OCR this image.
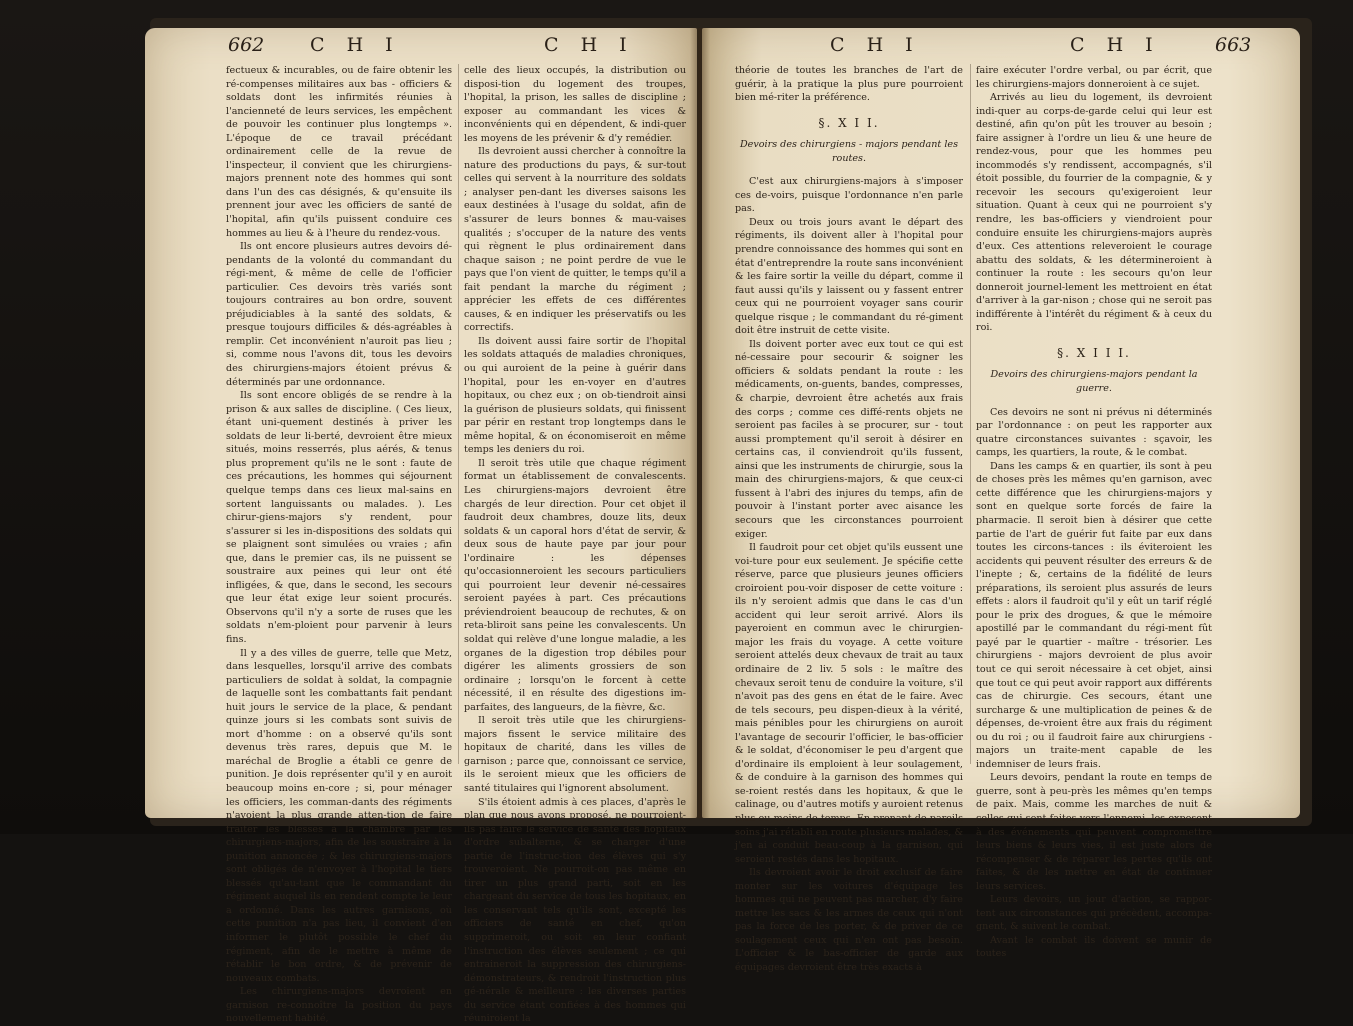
662 C H I	C H I	C H I	C H I	663

fectueux & incurables, ou de faire obtenir les ré-compenses militaires aux bas - officiers & soldats dont les infirmités réunies à l'ancienneté de leurs services, les empêchent de pouvoir les continuer plus longtemps ». L'époque de ce travail précédant ordinairement celle de la revue de l'inspecteur, il convient que les chirurgiens-majors prennent note des hommes qui sont dans l'un des cas désignés, & qu'ensuite ils prennent jour avec les officiers de santé de l'hopital, afin qu'ils puissent conduire ces hommes au lieu & à l'heure du rendez-vous.

Ils ont encore plusieurs autres devoirs dé-pendants de la volonté du commandant du régi-ment, & même de celle de l'officier particulier. Ces devoirs très variés sont toujours contraires au bon ordre, souvent préjudiciables à la santé des soldats, & presque toujours difficiles & dés-agréables à remplir. Cet inconvénient n'auroit pas lieu ; si, comme nous l'avons dit, tous les devoirs des chirurgiens-majors étoient prévus & déterminés par une ordonnance.

Ils sont encore obligés de se rendre à la prison & aux salles de discipline. ( Ces lieux, étant uni-quement destinés à priver les soldats de leur li-berté, devroient être mieux situés, moins resserrés, plus aérés, & tenus plus proprement qu'ils ne le sont : faute de ces précautions, les hommes qui séjournent quelque temps dans ces lieux mal-sains en sortent languissants ou malades. ). Les chirur-giens-majors s'y rendent, pour s'assurer si les in-dispositions des soldats qui se plaignent sont simulées ou vraies ; afin que, dans le premier cas, ils ne puissent se soustraire aux peines qui leur ont été infligées, & que, dans le second, les secours que leur état exige leur soient procurés. Observons qu'il n'y a sorte de ruses que les soldats n'em-ploient pour parvenir à leurs fins.

Il y a des villes de guerre, telle que Metz, dans lesquelles, lorsqu'il arrive des combats particuliers de soldat à soldat, la compagnie de laquelle sont les combattants fait pendant huit jours le service de la place, & pendant quinze jours si les combats sont suivis de mort d'homme : on a observé qu'ils sont devenus très rares, depuis que M. le maréchal de Broglie a établi ce genre de punition. Je dois représenter qu'il y en auroit beaucoup moins en-core ; si, pour ménager les officiers, les comman-dants des régiments n'avoient la plus grande atten-tion de faire traiter les blessés à la chambre par les chirurgiens-majors, afin de les soustraire à la punition annoncée ; & les chirurgiens-majors sont obligés de n'envoyer à l'hopital le tiers blessés qu'au-tant que le commandant du régiment auquel ils en rendent compte le leur a ordonné. Dans les autres garnisons, où cette punition n'a pas lieu, il convient d'en informer le plutôt possible le chef du régiment, afin de le mettre à même de rétablir le bon ordre, & de prévenir de nouveaux combats.

Les chirurgiens-majors devroient en garnison re-connoître la position du pays nouvellement habité,

celle des lieux occupés, la distribution ou disposi-tion du logement des troupes, l'hopital, la prison, les salles de discipline ; exposer au commandant les vices & inconvénients qui en dépendent, & indi-quer les moyens de les prévenir & d'y remédier.

Ils devroient aussi chercher à connoître la nature des productions du pays, & sur-tout celles qui servent à la nourriture des soldats ; analyser pen-dant les diverses saisons les eaux destinées à l'usage du soldat, afin de s'assurer de leurs bonnes & mau-vaises qualités ; s'occuper de la nature des vents qui règnent le plus ordinairement dans chaque saison ; ne point perdre de vue le pays que l'on vient de quitter, le temps qu'il a fait pendant la marche du régiment ; apprécier les effets de ces différentes causes, & en indiquer les préservatifs ou les correctifs.

Ils doivent aussi faire sortir de l'hopital les soldats attaqués de maladies chroniques, ou qui auroient de la peine à guérir dans l'hopital, pour les en-voyer en d'autres hopitaux, ou chez eux ; on ob-tiendroit ainsi la guérison de plusieurs soldats, qui finissent par périr en restant trop longtemps dans le même hopital, & on économiseroit en même temps les deniers du roi.

Il seroit très utile que chaque régiment format un établissement de convalescents. Les chirurgiens-majors devroient être chargés de leur direction. Pour cet objet il faudroit deux chambres, douze lits, deux soldats & un caporal hors d'état de servir, & deux sous de haute paye par jour pour l'ordinaire : les dépenses qu'occasionneroient les secours particuliers qui pourroient leur devenir né-cessaires seroient payées à part. Ces précautions préviendroient beaucoup de rechutes, & on reta-bliroit sans peine les convalescents. Un soldat qui relève d'une longue maladie, a les organes de la digestion trop débiles pour digérer les aliments grossiers de son ordinaire ; lorsqu'on le forcent à cette nécessité, il en résulte des digestions im-parfaites, des langueurs, de la fièvre, &c.

Il seroit très utile que les chirurgiens-majors fissent le service militaire des hopitaux de charité, dans les villes de garnison ; parce que, connoissant ce service, ils le seroient mieux que les officiers de santé titulaires qui l'ignorent absolument.

S'ils étoient admis à ces places, d'après le plan que nous avons proposé, ne pourroient-ils pas faire le service de santé des hopitaux d'ordre subalterne, & se charger d'une partie de l'instruc-tion des élèves qui s'y trouveroient. Ne pourroit-on pas même en tirer un plus grand parti, soit en les chargeant du service de tous les hopitaux, en les conservant tels qu'ils sont, excepté les officiers de santé en chef, qu'on supprimeroit, ou soit en leur confiant l'instruction des élèves seulement ; ce qui entraineroit la suppression des chirurgiens-démonstrateurs, & rendroit l'instruction plus gé-nérale & meilleure : les diverses parties du service étant confiées à des hommes qui réuniroient la

théorie de toutes les branches de l'art de guérir, à la pratique la plus pure pourroient bien mé-riter la préférence.

§. X I I.

Devoirs des chirurgiens - majors pendant les routes.

C'est aux chirurgiens-majors à s'imposer ces de-voirs, puisque l'ordonnance n'en parle pas.

Deux ou trois jours avant le départ des régiments, ils doivent aller à l'hopital pour prendre connoissance des hommes qui sont en état d'entreprendre la route sans inconvénient & les faire sortir la veille du départ, comme il faut aussi qu'ils y laissent ou y fassent entrer ceux qui ne pourroient voyager sans courir quelque risque ; le commandant du ré-giment doit être instruit de cette visite.

Ils doivent porter avec eux tout ce qui est né-cessaire pour secourir & soigner les officiers & soldats pendant la route : les médicaments, on-guents, bandes, compresses, & charpie, devroient être achetés aux frais des corps ; comme ces diffé-rents objets ne seroient pas faciles à se procurer, sur - tout aussi promptement qu'il seroit à désirer en certains cas, il conviendroit qu'ils fussent, ainsi que les instruments de chirurgie, sous la main des chirurgiens-majors, & que ceux-ci fussent à l'abri des injures du temps, afin de pouvoir à l'instant porter avec aisance les secours que les circonstances pourroient exiger.

Il faudroit pour cet objet qu'ils eussent une voi-ture pour eux seulement. Je spécifie cette réserve, parce que plusieurs jeunes officiers croiroient pou-voir disposer de cette voiture : ils n'y seroient admis que dans le cas d'un accident qui leur seroit arrivé. Alors ils payeroient en commun avec le chirurgien-major les frais du voyage. A cette voiture seroient attelés deux chevaux de trait au taux ordinaire de 2 liv. 5 sols : le maître des chevaux seroit tenu de conduire la voiture, s'il n'avoit pas des gens en état de le faire. Avec de tels secours, peu dispen-dieux à la vérité, mais pénibles pour les chirurgiens on auroit l'avantage de secourir l'officier, le bas-officier & le soldat, d'économiser le peu d'argent que d'ordinaire ils emploient à leur soulagement, & de conduire à la garnison des hommes qui se-roient restés dans les hopitaux, & que le calinage, ou d'autres motifs y auroient retenus plus ou moins de temps. En prenant de pareils soins j'ai rétabli en route plusieurs malades, & j'en ai conduit beau-coup à la garnison, qui seroient restés dans les hopitaux.

Ils devroient avoir le droit exclusif de faire monter sur les voitures d'équipage les hommes qui ne peuvent pas marcher, d'y faire mettre les sacs & les armes de ceux qui n'ont pas la force de les porter, & de priver de ce soulagement ceux qui n'en ont pas besoin. L'officier & le bas-officier de garde aux équipages devroient être très exacts à

faire exécuter l'ordre verbal, ou par écrit, que les chirurgiens-majors donneroient à ce sujet.

Arrivés au lieu du logement, ils devroient indi-quer au corps-de-garde celui qui leur est destiné, afin qu'on pût les trouver au besoin ; faire assigner à l'ordre un lieu & une heure de rendez-vous, pour que les hommes peu incommodés s'y rendissent, accompagnés, s'il étoit possible, du fourrier de la compagnie, & y recevoir les secours qu'exigeroient leur situation. Quant à ceux qui ne pourroient s'y rendre, les bas-officiers y viendroient pour conduire ensuite les chirurgiens-majors auprès d'eux. Ces attentions releveroient le courage abattu des soldats, & les détermineroient à continuer la route : les secours qu'on leur donneroit journel-lement les mettroient en état d'arriver à la gar-nison ; chose qui ne seroit pas indifférente à l'intérêt du régiment & à ceux du roi.

§. X I I I.

Devoirs des chirurgiens-majors pendant la guerre.

Ces devoirs ne sont ni prévus ni déterminés par l'ordonnance : on peut les rapporter aux quatre circonstances suivantes : sçavoir, les camps, les quartiers, la route, & le combat.

Dans les camps & en quartier, ils sont à peu de choses près les mêmes qu'en garnison, avec cette différence que les chirurgiens-majors y sont en quelque sorte forcés de faire la pharmacie. Il seroit bien à désirer que cette partie de l'art de guérir fut faite par eux dans toutes les circons-tances : ils éviteroient les accidents qui peuvent résulter des erreurs & de l'inepte ; &, certains de la fidélité de leurs préparations, ils seroient plus assurés de leurs effets : alors il faudroit qu'il y eût un tarif réglé pour le prix des drogues, & que le mémoire apostillé par le commandant du régi-ment fût payé par le quartier - maître - trésorier. Les chirurgiens - majors devroient de plus avoir tout ce qui seroit nécessaire à cet objet, ainsi que tout ce qui peut avoir rapport aux différents cas de chirurgie. Ces secours, étant une surcharge & une multiplication de peines & de dépenses, de-vroient être aux frais du régiment ou du roi ; ou il faudroit faire aux chirurgiens - majors un traite-ment capable de les indemniser de leurs frais.

Leurs devoirs, pendant la route en temps de guerre, sont à peu-près les mêmes qu'en temps de paix. Mais, comme les marches de nuit & celles qui sont faites vers l'ennemi, les exposent à des événements qui peuvent compromettre leurs biens & leurs vies, il est juste alors de récompenser & de réparer les pertes qu'ils ont faites, & de les mettre en état de continuer leurs services.

Leurs devoirs, un jour d'action, se rappor-tent aux circonstances qui précèdent, accompa-gnent, & suivent le combat.

Avant le combat ils doivent se munir de toutes
